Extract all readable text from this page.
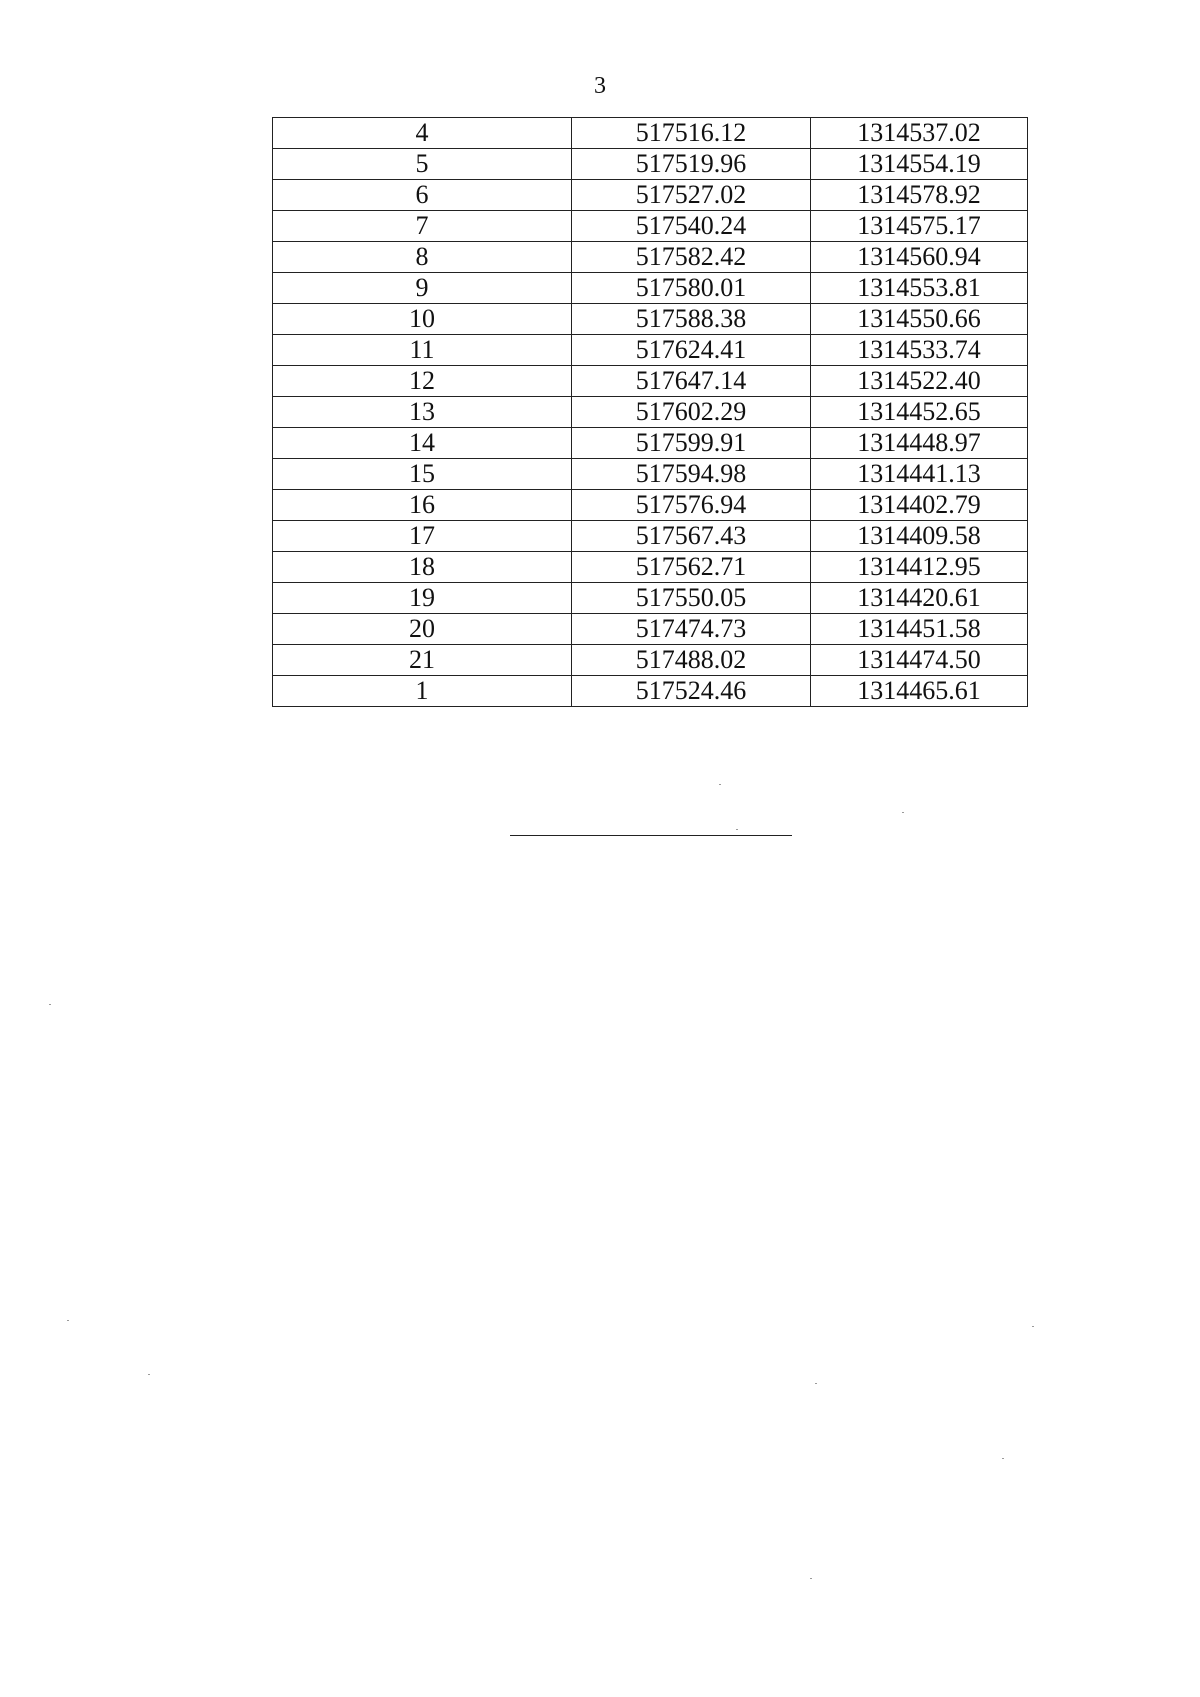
3
4	517516.12	1314537.02
5	517519.96	1314554.19
6	517527.02	1314578.92
7	517540.24	1314575.17
8	517582.42	1314560.94
9	517580.01	1314553.81
10	517588.38	1314550.66
11	517624.41	1314533.74
12	517647.14	1314522.40
13	517602.29	1314452.65
14	517599.91	1314448.97
15	517594.98	1314441.13
16	517576.94	1314402.79
17	517567.43	1314409.58
18	517562.71	1314412.95
19	517550.05	1314420.61
20	517474.73	1314451.58
21	517488.02	1314474.50
1	517524.46	1314465.61
